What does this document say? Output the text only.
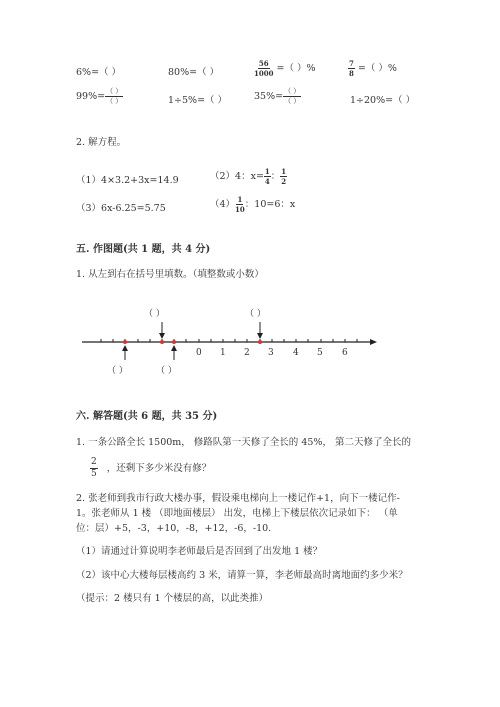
6%=（ ）	80%=（ ）	$\frac{56}{1000}$ =（ ）%	$\frac{7}{8}$ =（ ）%
$99\%= \frac{( )}{( )}$	1÷5%=（ ）	$35\%= \frac{( )}{( )}$	1÷20%=（ ）
2. 解方程。
（1）4×3.2+3x=14.9	（2）4：$x= \frac{1}{4}$ ： $\frac{1}{2}$
（3）6x-6.25=5.75	$(4) \frac{1}{10}$ ：10=6：x
五. 作图题(共 1 题，共 4 分)
1. 从左到右在括号里填数。（填整数或小数）
（ ）	（ ）
0 1 2 3 4 5 6
（ ）	（ ）
六. 解答题(共 6 题，共 35 分)
1. 一条公路全长 1500m， 修路队第一天修了全长的 45%， 第二天修了全长的
$\frac{2}{5}$ ，还剩下多少米没有修？
2. 张老师到我市行政大楼办事，假设乘电梯向上一楼记作+1，向下一楼记作-
1。张老师从 1 楼 （即地面楼层） 出发，电梯上下楼层依次记录如下： （单
位：层）+5，-3，+10，-8，+12，-6，-10.
（1）请通过计算说明李老师最后是否回到了出发地 1 楼？
（2）该中心大楼每层楼高约 3 米，请算一算，李老师最高时离地面约多少米？
（提示：2 楼只有 1 个楼层的高，以此类推）
